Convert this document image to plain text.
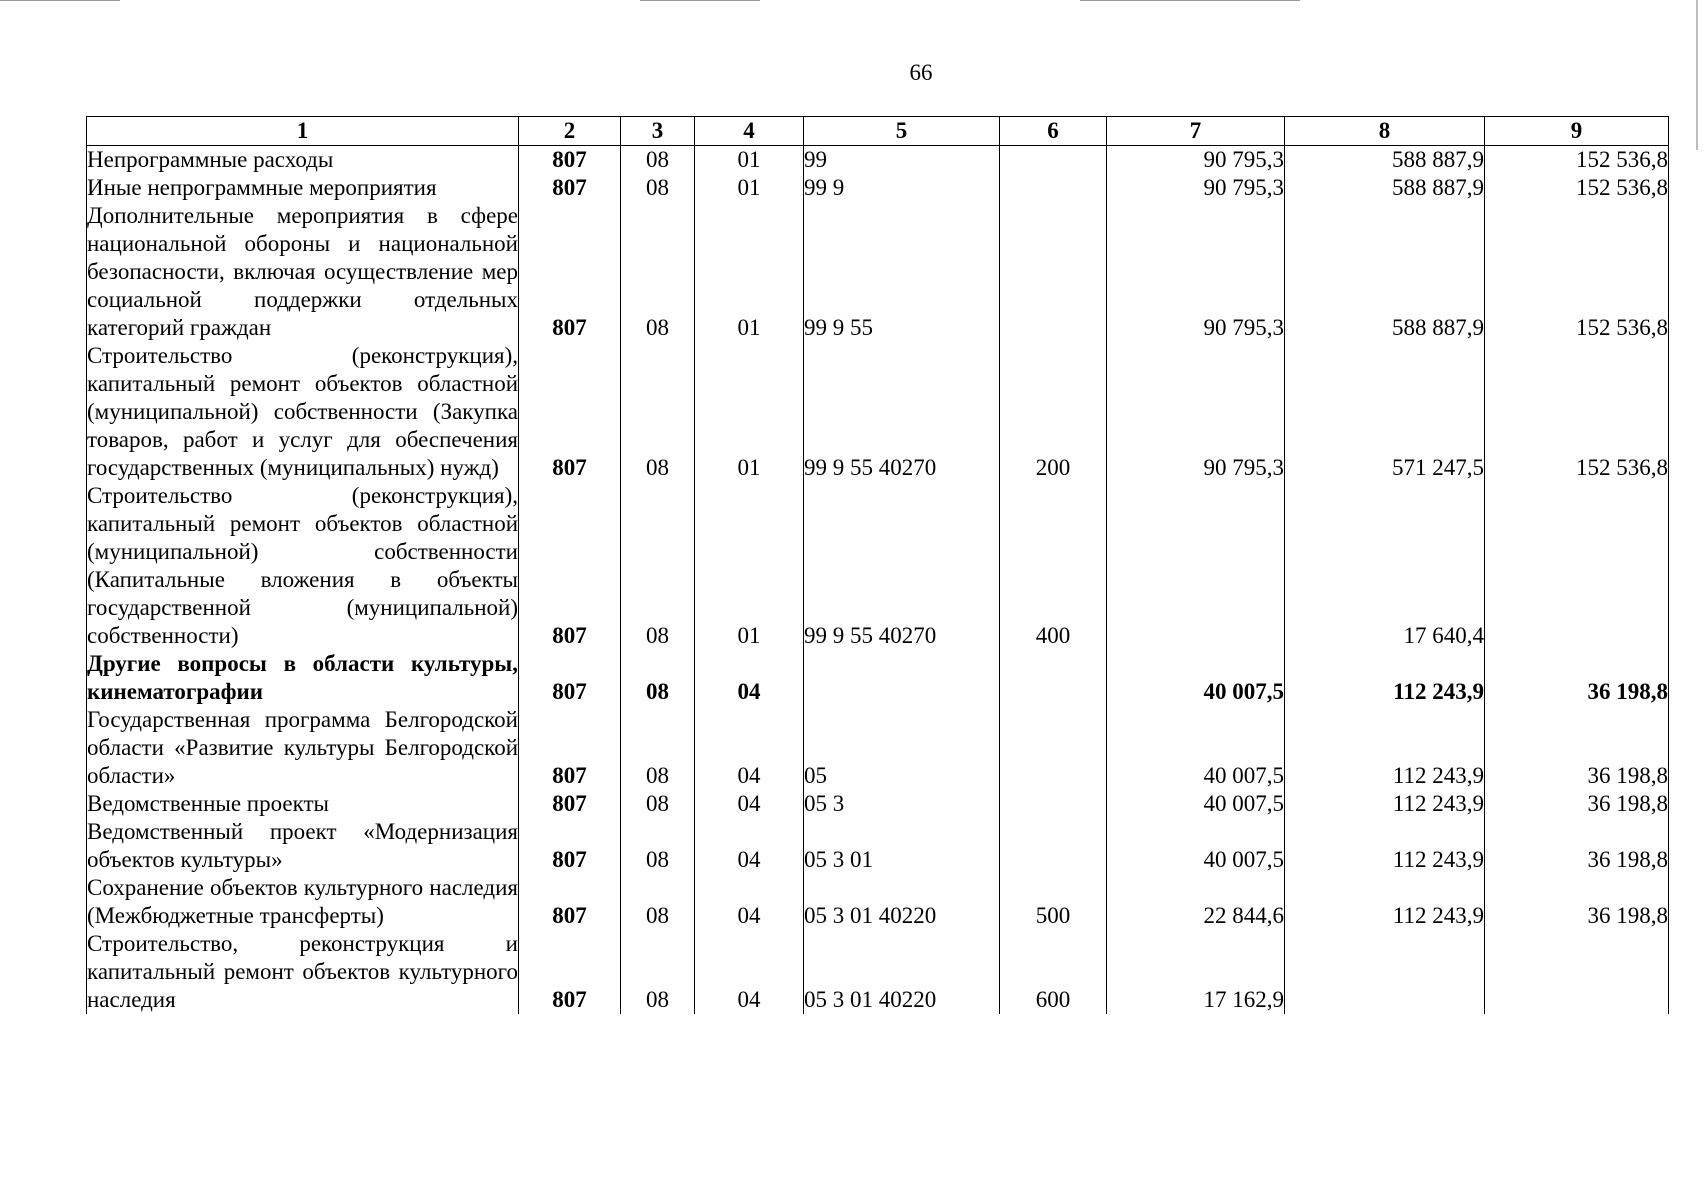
66
1	2	3	4	5	6	7	8	9
Непрограммные расходы	807	08	01	99		90 795,3	588 887,9	152 536,8
Иные непрограммные мероприятия	807	08	01	99 9		90 795,3	588 887,9	152 536,8
Дополнительные мероприятия в сфере национальной обороны и национальной безопасности, включая осуществление мер социальной поддержки отдельных категорий граждан	807	08	01	99 9 55		90 795,3	588 887,9	152 536,8
Строительство (реконструкция), капитальный ремонт объектов областной (муниципальной) собственности (Закупка товаров, работ и услуг для обеспечения государственных (муниципальных) нужд)	807	08	01	99 9 55 40270	200	90 795,3	571 247,5	152 536,8
Строительство (реконструкция), капитальный ремонт объектов областной (муниципальной) собственности (Капитальные вложения в объекты государственной (муниципальной) собственности)	807	08	01	99 9 55 40270	400		17 640,4	
Другие вопросы в области культуры, кинематографии	807	08	04			40 007,5	112 243,9	36 198,8
Государственная программа Белгородской области «Развитие культуры Белгородской области»	807	08	04	05		40 007,5	112 243,9	36 198,8
Ведомственные проекты	807	08	04	05 3		40 007,5	112 243,9	36 198,8
Ведомственный проект «Модернизация объектов культуры»	807	08	04	05 3 01		40 007,5	112 243,9	36 198,8
Сохранение объектов культурного наследия (Межбюджетные трансферты)	807	08	04	05 3 01 40220	500	22 844,6	112 243,9	36 198,8
Строительство, реконструкция и капитальный ремонт объектов культурного наследия	807	08	04	05 3 01 40220	600	17 162,9		
